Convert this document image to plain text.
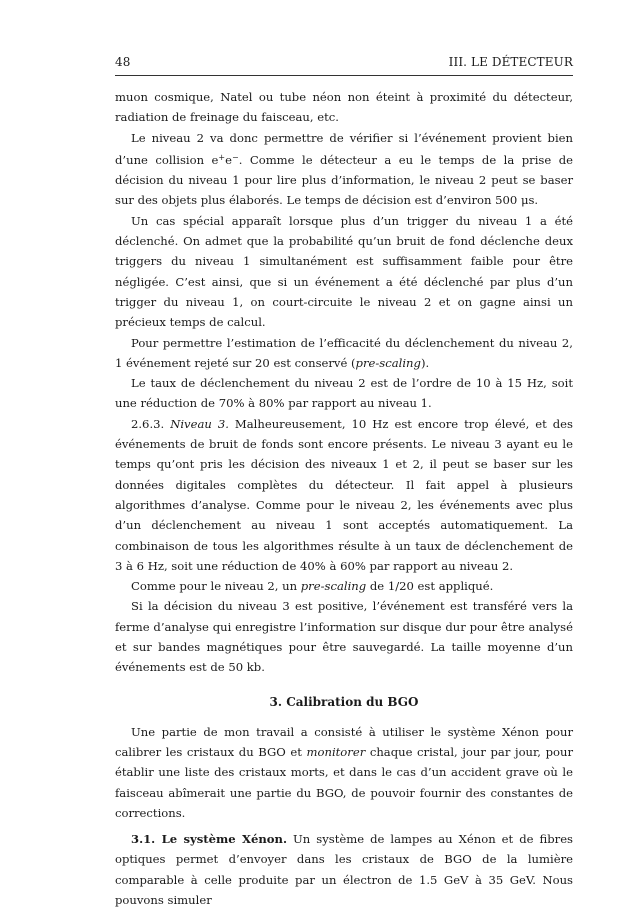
48	III. LE DÉTECTEUR

muon cosmique, Natel ou tube néon non éteint à proximité du détecteur, radiation de freinage du faisceau, etc.

Le niveau 2 va donc permettre de vérifier si l’événement provient bien d’une collision e+e−. Comme le détecteur a eu le temps de la prise de décision du niveau 1 pour lire plus d’information, le niveau 2 peut se baser sur des objets plus élaborés. Le temps de décision est d’environ 500 μs.

Un cas spécial apparaît lorsque plus d’un trigger du niveau 1 a été déclenché. On admet que la probabilité qu’un bruit de fond déclenche deux triggers du niveau 1 simultanément est suffisamment faible pour être négligée. C’est ainsi, que si un événement a été déclenché par plus d’un trigger du niveau 1, on court-circuite le niveau 2 et on gagne ainsi un précieux temps de calcul.

Pour permettre l’estimation de l’efficacité du déclenchement du niveau 2, 1 événement rejeté sur 20 est conservé (pre-scaling).

Le taux de déclenchement du niveau 2 est de l’ordre de 10 à 15 Hz, soit une réduction de 70% à 80% par rapport au niveau 1.

2.6.3. Niveau 3. Malheureusement, 10 Hz est encore trop élevé, et des événements de bruit de fonds sont encore présents. Le niveau 3 ayant eu le temps qu’ont pris les décision des niveaux 1 et 2, il peut se baser sur les données digitales complètes du détecteur. Il fait appel à plusieurs algorithmes d’analyse. Comme pour le niveau 2, les événements avec plus d’un déclenchement au niveau 1 sont acceptés automatiquement. La combinaison de tous les algorithmes résulte à un taux de déclenchement de 3 à 6 Hz, soit une réduction de 40% à 60% par rapport au niveau 2.

Comme pour le niveau 2, un pre-scaling de 1/20 est appliqué.

Si la décision du niveau 3 est positive, l’événement est transféré vers la ferme d’analyse qui enregistre l’information sur disque dur pour être analysé et sur bandes magnétiques pour être sauvegardé. La taille moyenne d’un événements est de 50 kb.

3. Calibration du BGO

Une partie de mon travail a consisté à utiliser le système Xénon pour calibrer les cristaux du BGO et monitorer chaque cristal, jour par jour, pour établir une liste des cristaux morts, et dans le cas d’un accident grave où le faisceau abîmerait une partie du BGO, de pouvoir fournir des constantes de corrections.

3.1. Le système Xénon. Un système de lampes au Xénon et de fibres optiques permet d’envoyer dans les cristaux de BGO de la lumière comparable à celle produite par un électron de 1.5 GeV à 35 GeV. Nous pouvons simuler
